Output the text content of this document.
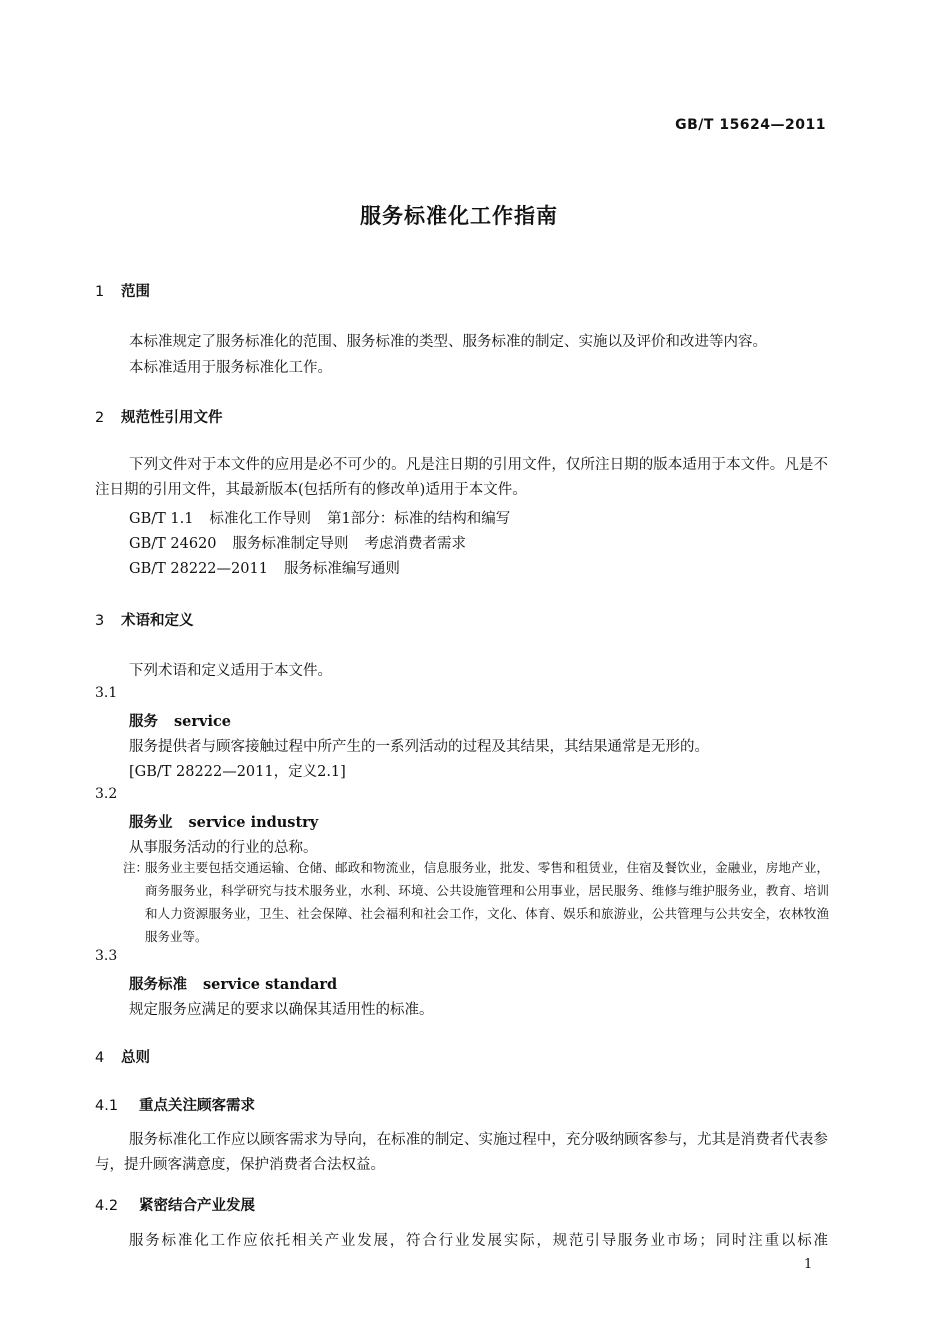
GB/T 15624—2011
服务标准化工作指南
1 范围
本标准规定了服务标准化的范围、服务标准的类型、服务标准的制定、实施以及评价和改进等内容。
本标准适用于服务标准化工作。
2 规范性引用文件
下列文件对于本文件的应用是必不可少的。凡是注日期的引用文件，仅所注日期的版本适用于本文件。凡是不注日期的引用文件，其最新版本(包括所有的修改单)适用于本文件。
GB/T 1.1 标准化工作导则 第1部分：标准的结构和编写
GB/T 24620 服务标准制定导则 考虑消费者需求
GB/T 28222—2011 服务标准编写通则
3 术语和定义
下列术语和定义适用于本文件。
3.1
服务 service
服务提供者与顾客接触过程中所产生的一系列活动的过程及其结果，其结果通常是无形的。
[GB/T 28222—2011，定义2.1]
3.2
服务业 service industry
从事服务活动的行业的总称。
注：
服务业主要包括交通运输、仓储、邮政和物流业，信息服务业，批发、零售和租赁业，住宿及餐饮业，金融业，房地产业，商务服务业，科学研究与技术服务业，水利、环境、公共设施管理和公用事业，居民服务、维修与维护服务业，教育、培训和人力资源服务业，卫生、社会保障、社会福利和社会工作，文化、体育、娱乐和旅游业，公共管理与公共安全，农林牧渔服务业等。
3.3
服务标准 service standard
规定服务应满足的要求以确保其适用性的标准。
4 总则
4.1 重点关注顾客需求
服务标准化工作应以顾客需求为导向，在标准的制定、实施过程中，充分吸纳顾客参与，尤其是消费者代表参与，提升顾客满意度，保护消费者合法权益。
4.2 紧密结合产业发展
服务标准化工作应依托相关产业发展，符合行业发展实际，规范引导服务业市场；同时注重以标准
1
